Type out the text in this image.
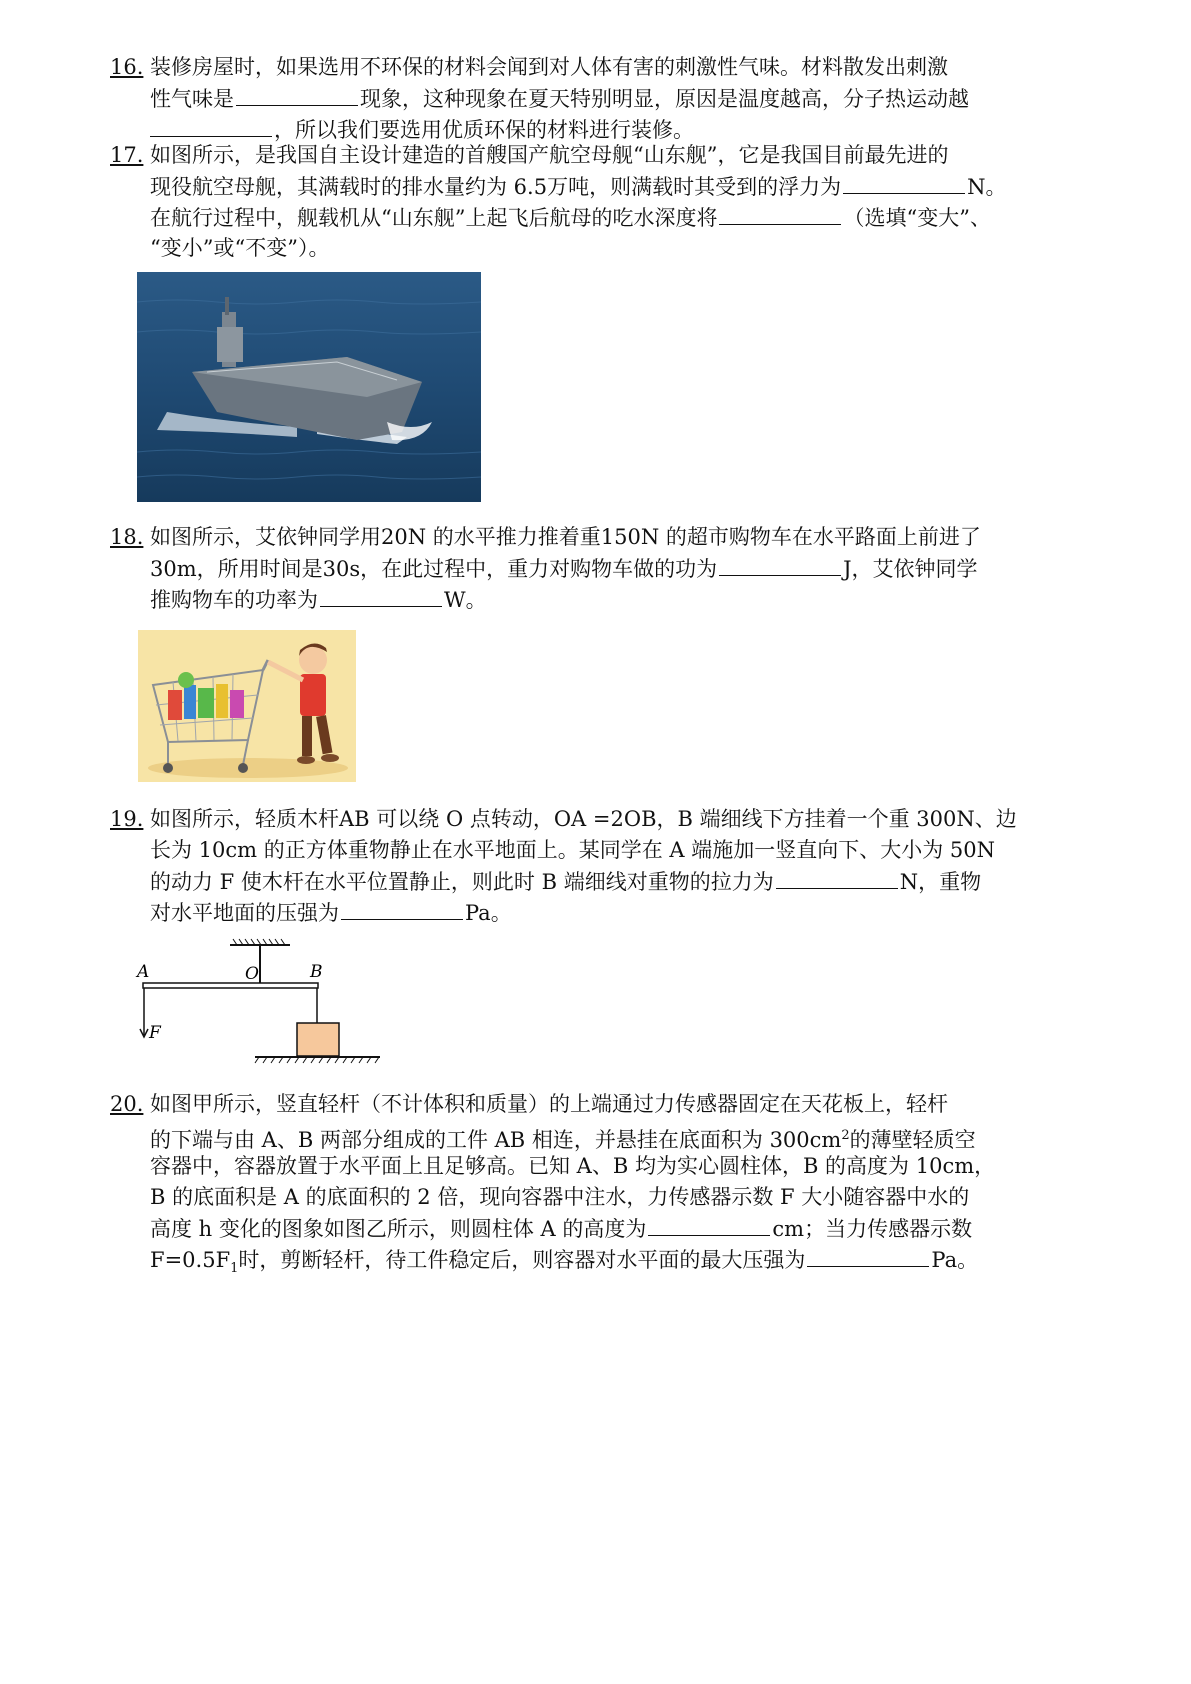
16. 装修房屋时，如果选用不环保的材料会闻到对人体有害的刺激性气味。材料散发出刺激
性气味是	现象，这种现象在夏天特别明显，原因是温度越高，分子热运动越
，所以我们要选用优质环保的材料进行装修。
17. 如图所示，是我国自主设计建造的首艘国产航空母舰“山东舰”，它是我国目前最先进的
现役航空母舰，其满载时的排水量约为 6.5万吨，则满载时其受到的浮力为	N。
在航行过程中，舰载机从“山东舰”上起飞后航母的吃水深度将	（选填“变大”、
“变小”或“不变”）。
18. 如图所示，艾依钟同学用20N 的水平推力推着重150N 的超市购物车在水平路面上前进了
30m，所用时间是30s，在此过程中，重力对购物车做的功为	J，艾依钟同学
推购物车的功率为	W。
19. 如图所示，轻质木杆AB 可以绕 O 点转动，OA =2OB，B 端细线下方挂着一个重 300N、边
长为 10cm 的正方体重物静止在水平地面上。某同学在 A 端施加一竖直向下、大小为 50N
的动力 F 使木杆在水平位置静止，则此时 B 端细线对重物的拉力为	N，重物
对水平地面的压强为	Pa。
A	O	B
F
20. 如图甲所示，竖直轻杆（不计体积和质量）的上端通过力传感器固定在天花板上，轻杆
的下端与由 A、B 两部分组成的工件 AB 相连，并悬挂在底面积为 $300cm^2$的薄壁轻质空
容器中，容器放置于水平面上且足够高。已知 A、B 均为实心圆柱体，B 的高度为 10cm，
B 的底面积是 A 的底面积的 2 倍，现向容器中注水，力传感器示数 F 大小随容器中水的
高度 h 变化的图象如图乙所示，则圆柱体 A 的高度为	cm；当力传感器示数
$F=0.5F_1$时，剪断轻杆，待工件稳定后，则容器对水平面的最大压强为	Pa。
